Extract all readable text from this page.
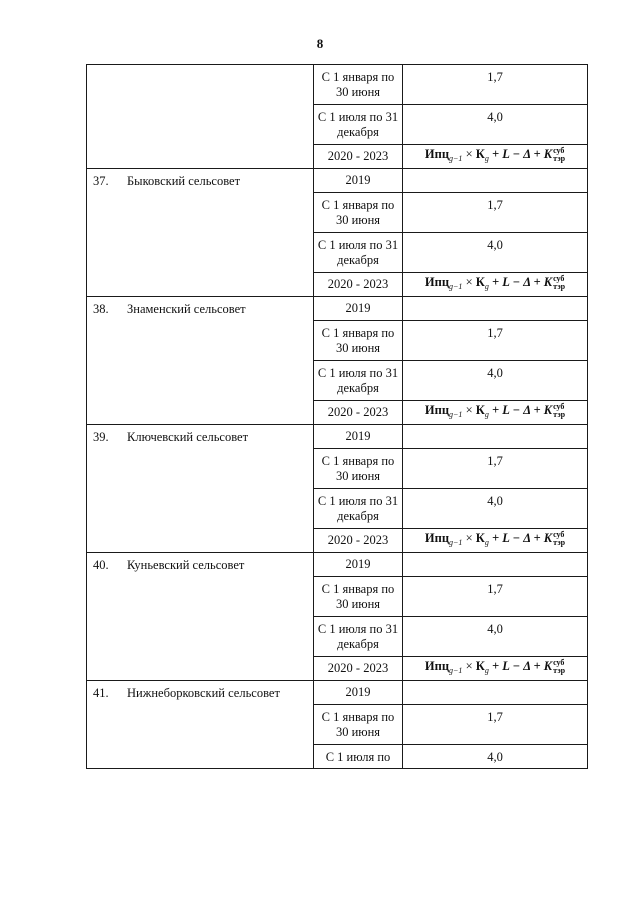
8
	С 1 января по 30 июня	1,7
	С 1 июля по 31 декабря	4,0
	2020 - 2023	$Ипц_{g-1} \times К_g + L - \Delta + K$ суб
тэр

37. Быковский сельсовет	2019	
	С 1 января по 30 июня	1,7
	С 1 июля по 31 декабря	4,0
	2020 - 2023	$Ипц_{g-1} \times К_g + L - \Delta + K$ суб
тэр

38. Знаменский сельсовет	2019	
	С 1 января по 30 июня	1,7
	С 1 июля по 31 декабря	4,0
	2020 - 2023	$Ипц_{g-1} \times К_g + L - \Delta + K$ суб
тэр

39. Ключевский сельсовет	2019	
	С 1 января по 30 июня	1,7
	С 1 июля по 31 декабря	4,0
	2020 - 2023	$Ипц_{g-1} \times К_g + L - \Delta + K$ суб
тэр

40. Куньевский сельсовет	2019	
	С 1 января по 30 июня	1,7
	С 1 июля по 31 декабря	4,0
	2020 - 2023	$Ипц_{g-1} \times К_g + L - \Delta + K$ суб
тэр

41. Нижнеборковский сельсовет	2019	
	С 1 января по 30 июня	1,7
	С 1 июля по	4,0
